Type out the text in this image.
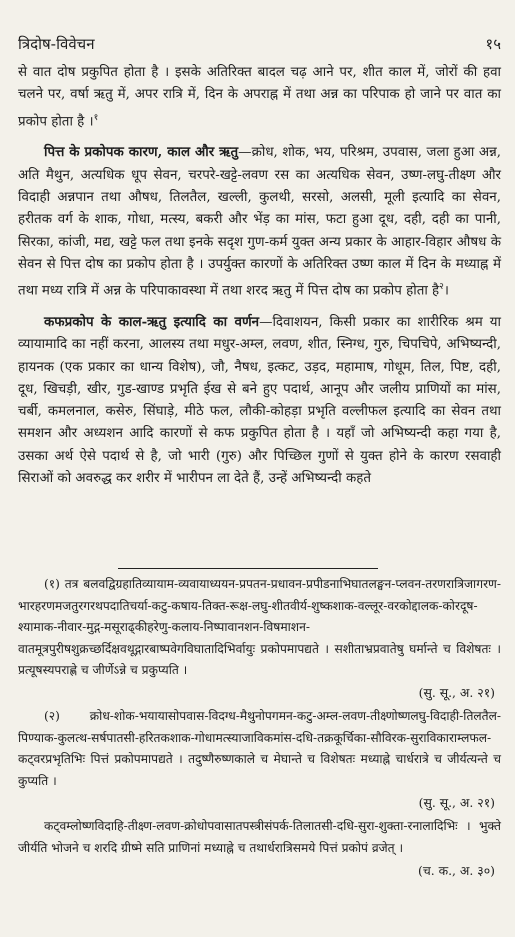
त्रिदोष-विवेचन	१५

से वात दोष प्रकुपित होता है । इसके अतिरिक्त बादल चढ़ आने पर, शीत काल में, जोरों की हवा चलने पर, वर्षा ऋतु में, अपर रात्रि में, दिन के अपराह्न में तथा अन्न का परिपाक हो जाने पर वात का प्रकोप होता है ।$^१$

पित्त के प्रकोपक कारण, काल और ऋतु—क्रोध, शोक, भय, परिश्रम, उपवास, जला हुआ अन्न, अति मैथुन, अत्यधिक धूप सेवन, चरपरे-खट्टे-लवण रस का अत्यधिक सेवन, उष्ण-लघु-तीक्ष्ण और विदाही अन्नपान तथा औषध, तिलतैल, खल्ली, कुलथी, सरसो, अलसी, मूली इत्यादि का सेवन, हरीतक वर्ग के शाक, गोधा, मत्स्य, बकरी और भेंड़ का मांस, फटा हुआ दूध, दही, दही का पानी, सिरका, कांजी, मद्य, खट्टे फल तथा इनके सदृश गुण-कर्म युक्त अन्य प्रकार के आहार-विहार औषध के सेवन से पित्त दोष का प्रकोप होता है । उपर्युक्त कारणों के अतिरिक्त उष्ण काल में दिन के मध्याह्न में तथा मध्य रात्रि में अन्न के परिपाकावस्था में तथा शरद ऋतु में पित्त दोष का प्रकोप होता है$^२$।

कफप्रकोप के काल-ऋतु इत्यादि का वर्णन—दिवाशयन, किसी प्रकार का शारीरिक श्रम या व्यायामादि का नहीं करना, आलस्य तथा मधुर-अम्ल, लवण, शीत, स्निग्ध, गुरु, चिपचिपे, अभिष्यन्दी, हायनक (एक प्रकार का धान्य विशेष), जौ, नैषध, इत्कट, उड़द, महामाष, गोधूम, तिल, पिष्ट, दही, दूध, खिचड़ी, खीर, गुड-खाण्ड प्रभृति ईख से बने हुए पदार्थ, आनूप और जलीय प्राणियों का मांस, चर्बी, कमलनाल, कसेरु, सिंघाड़े, मीठे फल, लौकी-कोहड़ा प्रभृति वल्लीफल इत्यादि का सेवन तथा समशन और अध्यशन आदि कारणों से कफ प्रकुपित होता है । यहाँ जो अभिष्यन्दी कहा गया है, उसका अर्थ ऐसे पदार्थ से है, जो भारी (गुरु) और पिच्छिल गुणों से युक्त होने के कारण रसवाही सिराओं को अवरुद्ध कर शरीर में भारीपन ला देते हैं, उन्हें अभिष्यन्दी कहते

(१) तत्र बलवद्विग्रहातिव्यायाम-व्यवायाध्ययन-प्रपतन-प्रधावन-प्रपीडनाभिघातलङ्घन-प्लवन-तरणरात्रिजागरण-भारहरणमजतुरगरथपदातिचर्या-कटु-कषाय-तिक्त-रूक्ष-लघु-शीतवीर्य-शुष्कशाक-वल्लूर-वरकोद्दालक-कोरदूष-श्यामाक-नीवार-मुद्ग-मसूराढ्कीहरेणु-कलाय-निष्पावानशन-विषमाशन-वातमूत्रपुरीषशुक्रच्छर्दिक्षवथूद्गारबाष्पवेगविघातादिभिर्वायुः प्रकोपमापद्यते । सशीताभ्रप्रवातेषु घर्मान्ते च विशेषतः । प्रत्यूषस्यपराह्णे च जीर्णेऽन्ने च प्रकुप्यति ।

(सु. सू., अ. २१)

(२) क्रोध-शोक-भयायासोपवास-विदग्ध-मैथुनोपगमन-कटु-अम्ल-लवण-तीक्ष्णोष्णलघु-विदाही-तिलतैल-पिण्याक-कुलत्थ-सर्षपातसी-हरितकशाक-गोधामत्स्याजाविकमांस-दधि-तक्रकूर्चिका-सौविरक-सुराविकाराम्लफल-कट्वरप्रभृतिभिः पित्तं प्रकोपमापद्यते । तदुष्णैरुष्णकाले च मेघान्ते च विशेषतः मध्याह्ने चार्धरात्रे च जीर्यत्यन्ते च कुप्यति ।

(सु. सू., अ. २१)

कट्वम्लोष्णविदाहि-तीक्ष्ण-लवण-क्रोधोपवासातपस्त्रीसंपर्क-तिलातसी-दधि-सुरा-शुक्ता-रनालादिभिः । भुक्ते जीर्यति भोजने च शरदि ग्रीष्मे सति प्राणिनां मध्याह्ने च तथार्धरात्रिसमये पित्तं प्रकोपं व्रजेत् ।

(च. क., अ. ३०)
